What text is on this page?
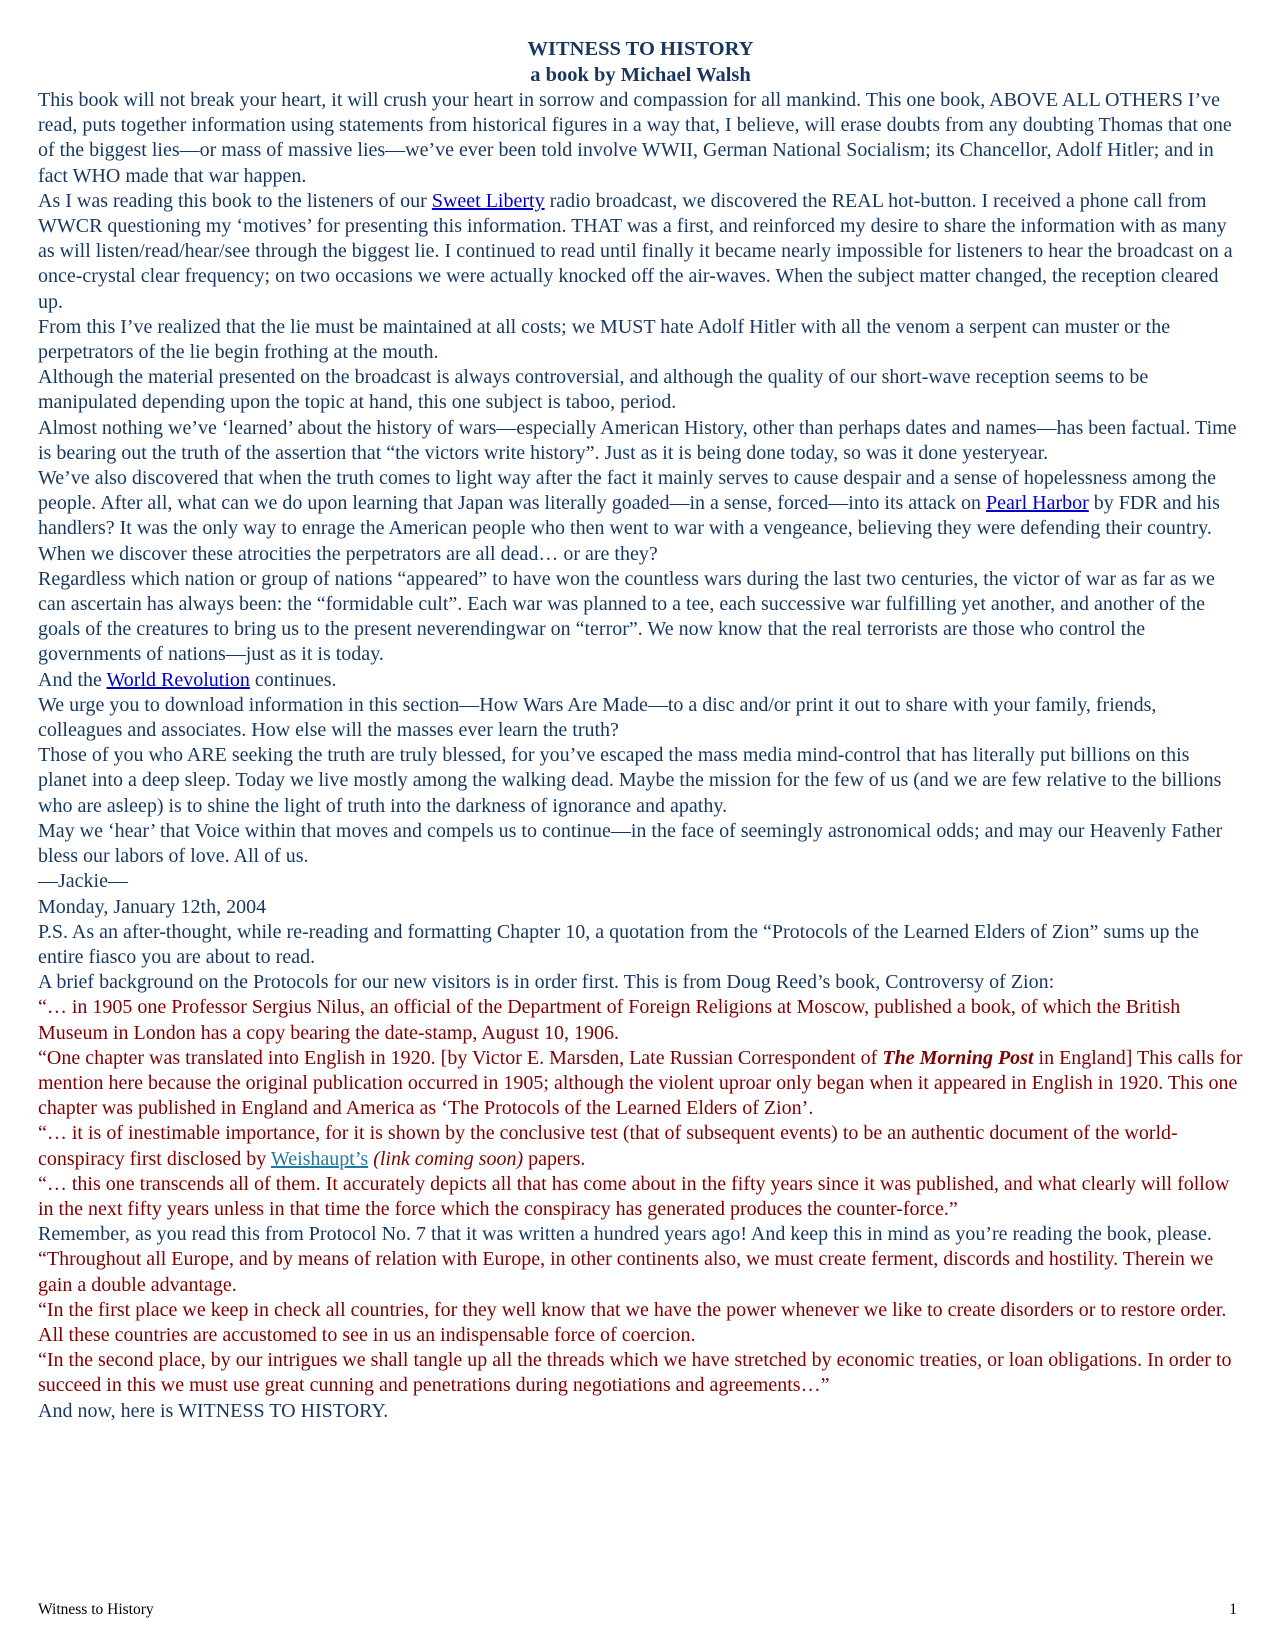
WITNESS TO HISTORY

a book by Michael Walsh

This book will not break your heart, it will crush your heart in sorrow and compassion for all mankind. This one book, ABOVE ALL OTHERS I’ve read, puts together information using statements from historical figures in a way that, I believe, will erase doubts from any doubting Thomas that one of the biggest lies—or mass of massive lies—we’ve ever been told involve WWII, German National Socialism; its Chancellor, Adolf Hitler; and in fact WHO made that war happen.

As I was reading this book to the listeners of our Sweet Liberty radio broadcast, we discovered the REAL hot-button. I received a phone call from WWCR questioning my ‘motives’ for presenting this information. THAT was a first, and reinforced my desire to share the information with as many as will listen/read/hear/see through the biggest lie. I continued to read until finally it became nearly impossible for listeners to hear the broadcast on a once-crystal clear frequency; on two occasions we were actually knocked off the air-waves. When the subject matter changed, the reception cleared up.

From this I’ve realized that the lie must be maintained at all costs; we MUST hate Adolf Hitler with all the venom a serpent can muster or the perpetrators of the lie begin frothing at the mouth.

Although the material presented on the broadcast is always controversial, and although the quality of our short-wave reception seems to be manipulated depending upon the topic at hand, this one subject is taboo, period.

Almost nothing we’ve ‘learned’ about the history of wars—especially American History, other than perhaps dates and names—has been factual. Time is bearing out the truth of the assertion that “the victors write history”. Just as it is being done today, so was it done yesteryear.

We’ve also discovered that when the truth comes to light way after the fact it mainly serves to cause despair and a sense of hopelessness among the people. After all, what can we do upon learning that Japan was literally goaded—in a sense, forced—into its attack on Pearl Harbor by FDR and his handlers? It was the only way to enrage the American people who then went to war with a vengeance, believing they were defending their country. When we discover these atrocities the perpetrators are all dead… or are they?

Regardless which nation or group of nations “appeared” to have won the countless wars during the last two centuries, the victor of war as far as we can ascertain has always been: the “formidable cult”. Each war was planned to a tee, each successive war fulfilling yet another, and another of the goals of the creatures to bring us to the present neverendingwar on “terror”. We now know that the real terrorists are those who control the governments of nations—just as it is today.

And the World Revolution continues.

We urge you to download information in this section—How Wars Are Made—to a disc and/or print it out to share with your family, friends, colleagues and associates. How else will the masses ever learn the truth?

Those of you who ARE seeking the truth are truly blessed, for you’ve escaped the mass media mind-control that has literally put billions on this planet into a deep sleep. Today we live mostly among the walking dead. Maybe the mission for the few of us (and we are few relative to the billions who are asleep) is to shine the light of truth into the darkness of ignorance and apathy.

May we ‘hear’ that Voice within that moves and compels us to continue—in the face of seemingly astronomical odds; and may our Heavenly Father bless our labors of love. All of us.

—Jackie—

Monday, January 12th, 2004

P.S. As an after-thought, while re-reading and formatting Chapter 10, a quotation from the “Protocols of the Learned Elders of Zion” sums up the entire fiasco you are about to read.

A brief background on the Protocols for our new visitors is in order first. This is from Doug Reed’s book, Controversy of Zion:

“… in 1905 one Professor Sergius Nilus, an official of the Department of Foreign Religions at Moscow, published a book, of which the British Museum in London has a copy bearing the date-stamp, August 10, 1906.

“One chapter was translated into English in 1920. [by Victor E. Marsden, Late Russian Correspondent of The Morning Post in England] This calls for mention here because the original publication occurred in 1905; although the violent uproar only began when it appeared in English in 1920. This one chapter was published in England and America as ‘The Protocols of the Learned Elders of Zion’.

“… it is of inestimable importance, for it is shown by the conclusive test (that of subsequent events) to be an authentic document of the world-conspiracy first disclosed by Weishaupt’s (link coming soon) papers.

“… this one transcends all of them. It accurately depicts all that has come about in the fifty years since it was published, and what clearly will follow in the next fifty years unless in that time the force which the conspiracy has generated produces the counter-force.”

Remember, as you read this from Protocol No. 7 that it was written a hundred years ago! And keep this in mind as you’re reading the book, please.

“Throughout all Europe, and by means of relation with Europe, in other continents also, we must create ferment, discords and hostility. Therein we gain a double advantage.

“In the first place we keep in check all countries, for they well know that we have the power whenever we like to create disorders or to restore order. All these countries are accustomed to see in us an indispensable force of coercion.

“In the second place, by our intrigues we shall tangle up all the threads which we have stretched by economic treaties, or loan obligations. In order to succeed in this we must use great cunning and penetrations during negotiations and agreements…”

And now, here is WITNESS TO HISTORY.

Witness to History	1
